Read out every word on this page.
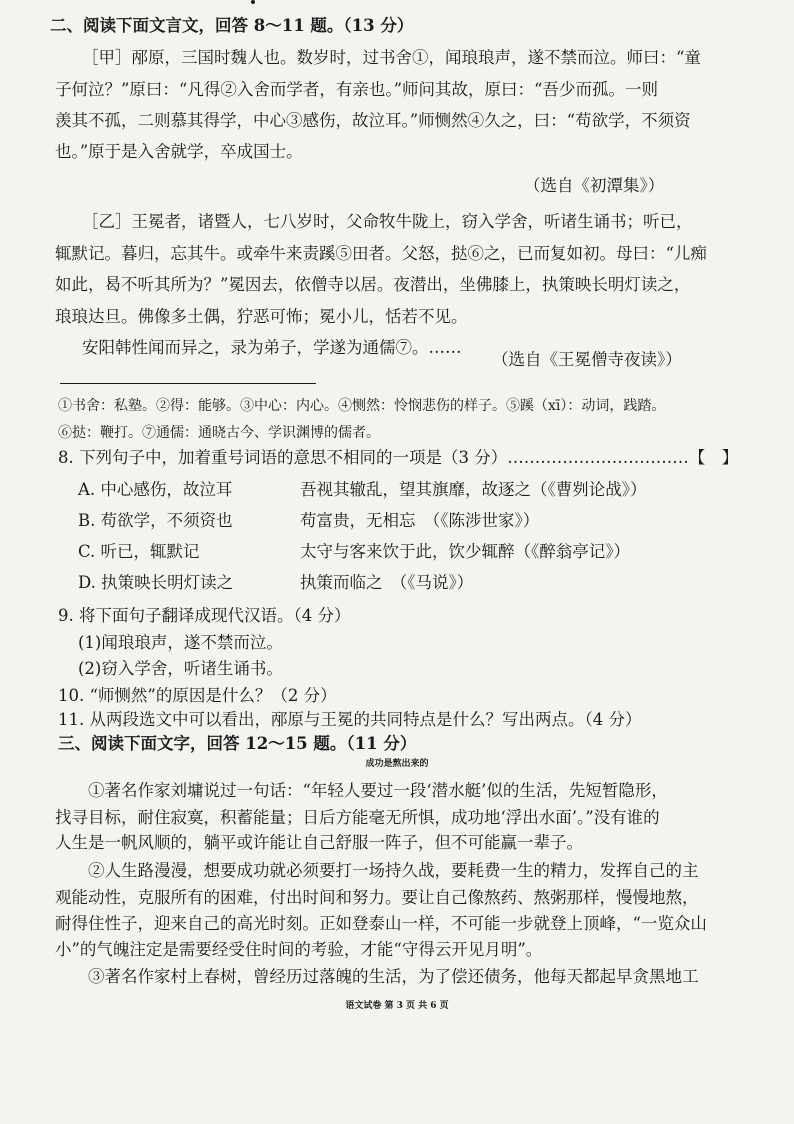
二、阅读下面文言文，回答 8～11 题。（13 分）
［甲］邴原，三国时魏人也。数岁时，过书舍①，闻琅琅声，遂不禁而泣。师曰：“童
子何泣？”原曰：“凡得②入舍而学者，有亲也。”师问其故，原曰：“吾少而孤。一则
羡其不孤，二则慕其得学，中心③感伤，故泣耳。”师恻然④久之，曰：“苟欲学，不须资
也。”原于是入舍就学，卒成国士。
（选自《初潭集》）
［乙］王冕者，诸暨人，七八岁时，父命牧牛陇上，窃入学舍，听诸生诵书；听已，
辄默记。暮归，忘其牛。或牵牛来责蹊⑤田者。父怒，挞⑥之，已而复如初。母曰：“儿痴
如此，曷不听其所为？”冕因去，依僧寺以居。夜潜出，坐佛膝上，执策映长明灯读之，
琅琅达旦。佛像多土偶，狞恶可怖；冕小儿，恬若不见。
安阳韩性闻而异之，录为弟子，学遂为通儒⑦。……
（选自《王冕僧寺夜读》）
①书舍：私塾。②得：能够。③中心：内心。④恻然：怜悯悲伤的样子。⑤蹊（xī）：动词，践踏。
⑥挞：鞭打。⑦通儒：通晓古今、学识渊博的儒者。
8. 下列句子中，加着重号词语的意思不相同的一项是（3 分）……………………………【　】
A. 中心感伤，故泣耳	吾视其辙乱，望其旗靡，故逐之（《曹刿论战》）
B. 苟欲学，不须资也	苟富贵，无相忘　（《陈涉世家》）
C. 听已，辄默记	太守与客来饮于此，饮少辄醉（《醉翁亭记》）
D. 执策映长明灯读之	执策而临之　（《马说》）
9. 将下面句子翻译成现代汉语。（4 分）
(1)闻琅琅声，遂不禁而泣。
(2)窃入学舍，听诸生诵书。
10. “师恻然”的原因是什么？（2 分）
11. 从两段选文中可以看出，邴原与王冕的共同特点是什么？写出两点。（4 分）
三、阅读下面文字，回答 12～15 题。（11 分）
成功是熬出来的
①著名作家刘墉说过一句话：“年轻人要过一段‘潜水艇’似的生活，先短暂隐形，
找寻目标，耐住寂寞，积蓄能量；日后方能毫无所惧，成功地‘浮出水面’。”没有谁的
人生是一帆风顺的，躺平或许能让自己舒服一阵子，但不可能赢一辈子。
②人生路漫漫，想要成功就必须要打一场持久战，要耗费一生的精力，发挥自己的主
观能动性，克服所有的困难，付出时间和努力。要让自己像熬药、熬粥那样，慢慢地熬，
耐得住性子，迎来自己的高光时刻。正如登泰山一样，不可能一步就登上顶峰，“一览众山
小”的气魄注定是需要经受住时间的考验，才能“守得云开见月明”。
③著名作家村上春树，曾经历过落魄的生活，为了偿还债务，他每天都起早贪黑地工
语文试卷 第 3 页 共 6 页
